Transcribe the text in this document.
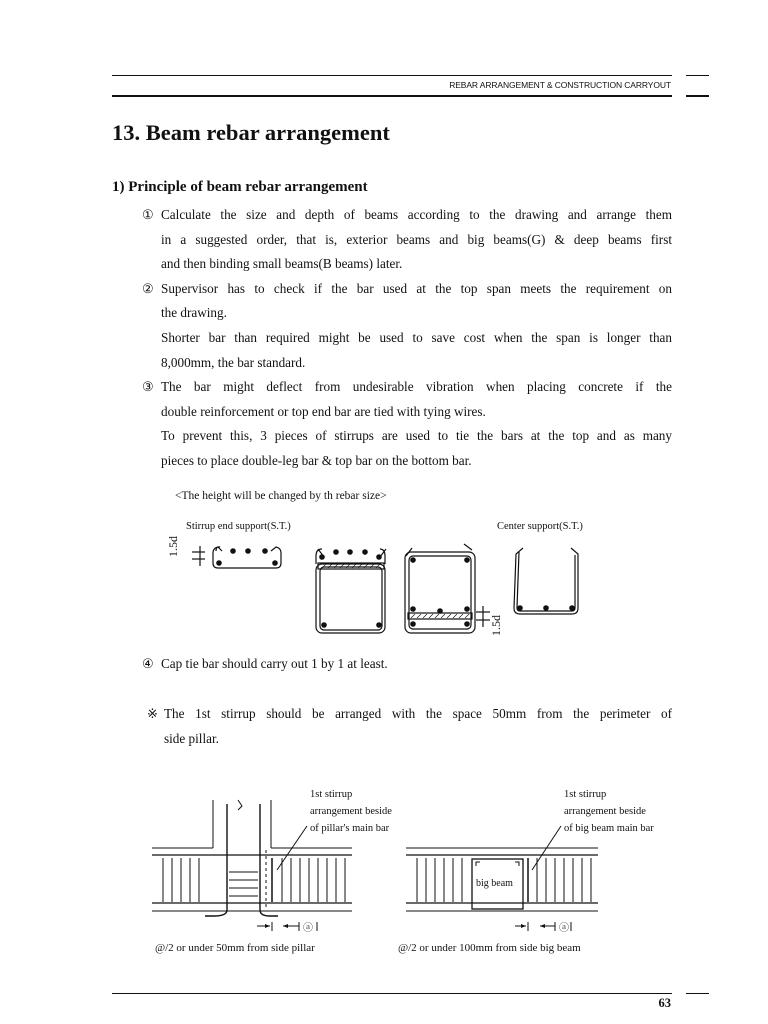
REBAR ARRANGEMENT & CONSTRUCTION CARRYOUT
13. Beam rebar arrangement
1) Principle of beam rebar arrangement
① Calculate the size and depth of beams according to the drawing and arrange them
in a suggested order, that is, exterior beams and big beams(G) & deep beams first
and then binding small beams(B beams) later.
② Supervisor has to check if the bar used at the top span meets the requirement on
the drawing.
Shorter bar than required might be used to save cost when the span is longer than
8,000mm, the bar standard.
③ The bar might deflect from undesirable vibration when placing concrete if the
double reinforcement or top end bar are tied with tying wires.
To prevent this, 3 pieces of stirrups are used to tie the bars at the top and as many
pieces to place double-leg bar & top bar on the bottom bar.
<The height will be changed by th rebar size>
Stirrup end support(S.T.)	Center support(S.T.)
1.5d
1.5d
④ Cap tie bar should carry out 1 by 1 at least.
※ The 1st stirrup should be arranged with the space 50mm from the perimeter of
side pillar.
1st stirrup
arrangement beside
of pillar's main bar
1st stirrup
arrangement beside
of big beam main bar
big beam
ⓐ	ⓐ
@/2 or under 50mm from side pillar	@/2 or under 100mm from side big beam
63
